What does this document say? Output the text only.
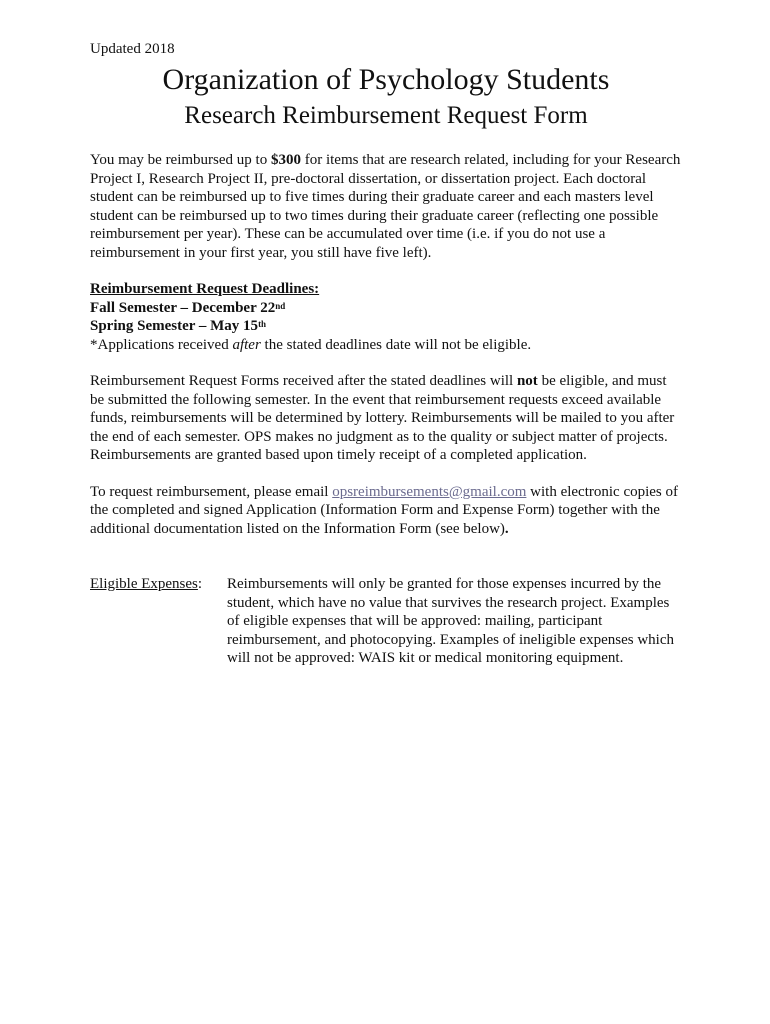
Updated 2018
Organization of Psychology Students
Research Reimbursement Request Form

You may be reimbursed up to $300 for items that are research related, including for your Research Project I, Research Project II, pre-doctoral dissertation, or dissertation project. Each doctoral student can be reimbursed up to five times during their graduate career and each masters level student can be reimbursed up to two times during their graduate career (reflecting one possible reimbursement per year). These can be accumulated over time (i.e. if you do not use a reimbursement in your first year, you still have five left).

Reimbursement Request Deadlines:
Fall Semester – December 22nd
Spring Semester – May 15th
*Applications received after the stated deadlines date will not be eligible.

Reimbursement Request Forms received after the stated deadlines will not be eligible, and must be submitted the following semester. In the event that reimbursement requests exceed available funds, reimbursements will be determined by lottery. Reimbursements will be mailed to you after the end of each semester. OPS makes no judgment as to the quality or subject matter of projects. Reimbursements are granted based upon timely receipt of a completed application.

To request reimbursement, please email opsreimbursements@gmail.com with electronic copies of the completed and signed Application (Information Form and Expense Form) together with the additional documentation listed on the Information Form (see below).

Eligible Expenses:	Reimbursements will only be granted for those expenses incurred by the student, which have no value that survives the research project. Examples of eligible expenses that will be approved: mailing, participant reimbursement, and photocopying. Examples of ineligible expenses which will not be approved: WAIS kit or medical monitoring equipment.
